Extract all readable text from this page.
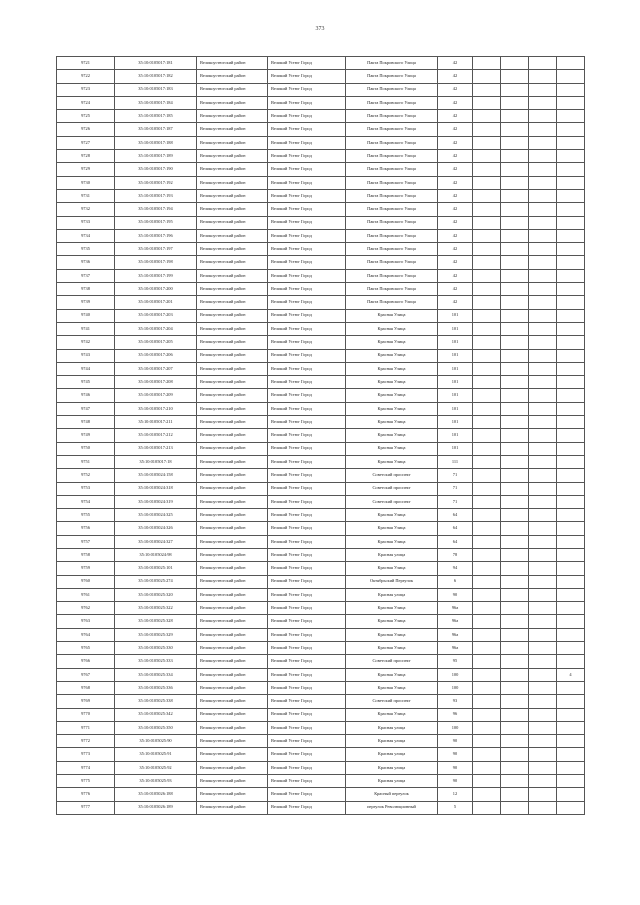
373
9721	35:10:0105017:181	Великоустюгский район	Великий Устюг Город	Пакта Покровского Улица	42				
9722	35:10:0105017:182	Великоустюгский район	Великий Устюг Город	Пакта Покровского Улица	42				
9723	35:10:0105017:183	Великоустюгский район	Великий Устюг Город	Пакта Покровского Улица	42				
9724	35:10:0105017:184	Великоустюгский район	Великий Устюг Город	Пакта Покровского Улица	42				
9725	35:10:0105017:185	Великоустюгский район	Великий Устюг Город	Пакта Покровского Улица	42				
9726	35:10:0105017:187	Великоустюгский район	Великий Устюг Город	Пакта Покровского Улица	42				
9727	35:10:0105017:188	Великоустюгский район	Великий Устюг Город	Пакта Покровского Улица	42				
9728	35:10:0105017:189	Великоустюгский район	Великий Устюг Город	Пакта Покровского Улица	42				
9729	35:10:0105017:190	Великоустюгский район	Великий Устюг Город	Пакта Покровского Улица	42				
9730	35:10:0105017:192	Великоустюгский район	Великий Устюг Город	Пакта Покровского Улица	42				
9731	35:10:0105017:193	Великоустюгский район	Великий Устюг Город	Пакта Покровского Улица	42				
9732	35:10:0105017:194	Великоустюгский район	Великий Устюг Город	Пакта Покровского Улица	42				
9733	35:10:0105017:195	Великоустюгский район	Великий Устюг Город	Пакта Покровского Улица	42				
9734	35:10:0105017:196	Великоустюгский район	Великий Устюг Город	Пакта Покровского Улица	42				
9735	35:10:0105017:197	Великоустюгский район	Великий Устюг Город	Пакта Покровского Улица	42				
9736	35:10:0105017:198	Великоустюгский район	Великий Устюг Город	Пакта Покровского Улица	42				
9737	35:10:0105017:199	Великоустюгский район	Великий Устюг Город	Пакта Покровского Улица	42				
9738	35:10:0105017:200	Великоустюгский район	Великий Устюг Город	Пакта Покровского Улица	42				
9739	35:10:0105017:201	Великоустюгский район	Великий Устюг Город	Пакта Покровского Улица	42				
9740	35:10:0105017:203	Великоустюгский район	Великий Устюг Город	Красная Улица	101				
9741	35:10:0105017:204	Великоустюгский район	Великий Устюг Город	Красная Улица	101				
9742	35:10:0105017:205	Великоустюгский район	Великий Устюг Город	Красная Улица	101				
9743	35:10:0105017:206	Великоустюгский район	Великий Устюг Город	Красная Улица	101				
9744	35:10:0105017:207	Великоустюгский район	Великий Устюг Город	Красная Улица	101				
9745	35:10:0105017:208	Великоустюгский район	Великий Устюг Город	Красная Улица	101				
9746	35:10:0105017:209	Великоустюгский район	Великий Устюг Город	Красная Улица	101				
9747	35:10:0105017:210	Великоустюгский район	Великий Устюг Город	Красная Улица	101				
9748	35:10:0105017:211	Великоустюгский район	Великий Устюг Город	Красная Улица	101				
9749	35:10:0105017:212	Великоустюгский район	Великий Устюг Город	Красная Улица	101				
9750	35:10:0105017:213	Великоустюгский район	Великий Устюг Город	Красная Улица	101				
9751	35:10:0105017:18	Великоустюгский район	Великий Устюг Город	Красная Улица	111				
9752	35:10:0105024:158	Великоустюгский район	Великий Устюг Город	Советский проспект	71				
9753	35:10:0105024:318	Великоустюгский район	Великий Устюг Город	Советский проспект	71				
9754	35:10:0105024:319	Великоустюгский район	Великий Устюг Город	Советский проспект	71				
9755	35:10:0105024:325	Великоустюгский район	Великий Устюг Город	Красная Улица	64				
9756	35:10:0105024:326	Великоустюгский район	Великий Устюг Город	Красная Улица	64				
9757	35:10:0105024:327	Великоустюгский район	Великий Устюг Город	Красная Улица	64				
9758	35:10:0105024:98	Великоустюгский район	Великий Устюг Город	Красная улица	78				
9759	35:10:0105025:101	Великоустюгский район	Великий Устюг Город	Красная Улица	94				
9760	35:10:0105025:274	Великоустюгский район	Великий Устюг Город	Октябрьский Переулок	6				
9761	35:10:0105025:320	Великоустюгский район	Великий Устюг Город	Красная улица	90				
9762	35:10:0105025:322	Великоустюгский район	Великий Устюг Город	Красная Улица	96а				
9763	35:10:0105025:328	Великоустюгский район	Великий Устюг Город	Красная Улица	96а				
9764	35:10:0105025:329	Великоустюгский район	Великий Устюг Город	Красная Улица	96а				
9765	35:10:0105025:330	Великоустюгский район	Великий Устюг Город	Красная Улица	96а				
9766	35:10:0105025:333	Великоустюгский район	Великий Устюг Город	Советский проспект	95				
9767	35:10:0105025:334	Великоустюгский район	Великий Устюг Город	Красная Улица	100				4
9768	35:10:0105025:336	Великоустюгский район	Великий Устюг Город	Красная Улица	100				
9769	35:10:0105025:338	Великоустюгский район	Великий Устюг Город	Советский проспект	93				
9770	35:10:0105025:342	Великоустюгский район	Великий Устюг Город	Красная Улица	96				
9771	35:10:0105025:350	Великоустюгский район	Великий Устюг Город	Красная улица	100				
9772	35:10:0105025:90	Великоустюгский район	Великий Устюг Город	Красная улица	90				
9773	35:10:0105025:91	Великоустюгский район	Великий Устюг Город	Красная улица	90				
9774	35:10:0105025:92	Великоустюгский район	Великий Устюг Город	Красная улица	90				
9775	35:10:0105025:93	Великоустюгский район	Великий Устюг Город	Красная улица	90				
9776	35:10:0105026:188	Великоустюгский район	Великий Устюг Город	Красный переулок	12				
9777	35:10:0105026:189	Великоустюгский район	Великий Устюг Город	переулок Революционный	5				
